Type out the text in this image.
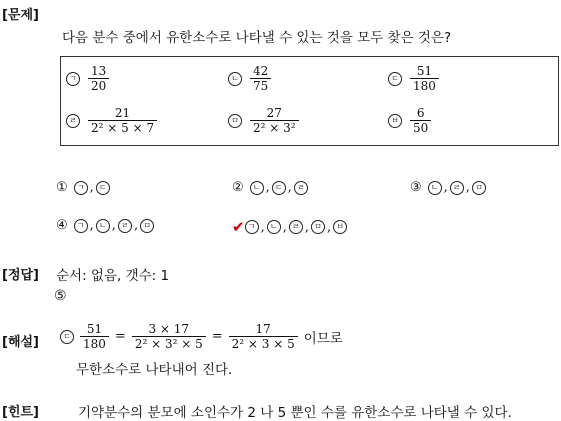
[문제]
다음 분수 중에서 유한소수로 나타낼 수 있는 것을 모두 찾은 것은?
ㄱ $\frac{13}{20}$	ㄴ $\frac{42}{75}$	ㄷ $\frac{51}{180}$
ㄹ $\frac{21}{\text{2² × 5 × 7}}$	ㅁ $\frac{27}{\text{2² × 3²}}$	ㅂ $\frac{6}{50}$
①	ㄱ , ㄷ	②	ㄴ , ㄷ , ㄹ	③	ㄴ , ㄹ , ㅁ
④	ㄱ , ㄴ , ㄹ , ㅁ	✔ ㄱ , ㄴ , ㄹ , ㅁ , ㅂ
[정답] 순서: 없음, 갯수: 1
⑤
[해설]	ㄷ $\frac{51}{180} = \frac{3 \times 17}{\text{2² × 3² × 5}} = \frac{17}{\text{2² × 3 × 5}}$ 이므로
무한소수로 나타내어 진다.
[힌트]	기약분수의 분모에 소인수가 2 나 5 뿐인 수를 유한소수로 나타낼 수 있다.
